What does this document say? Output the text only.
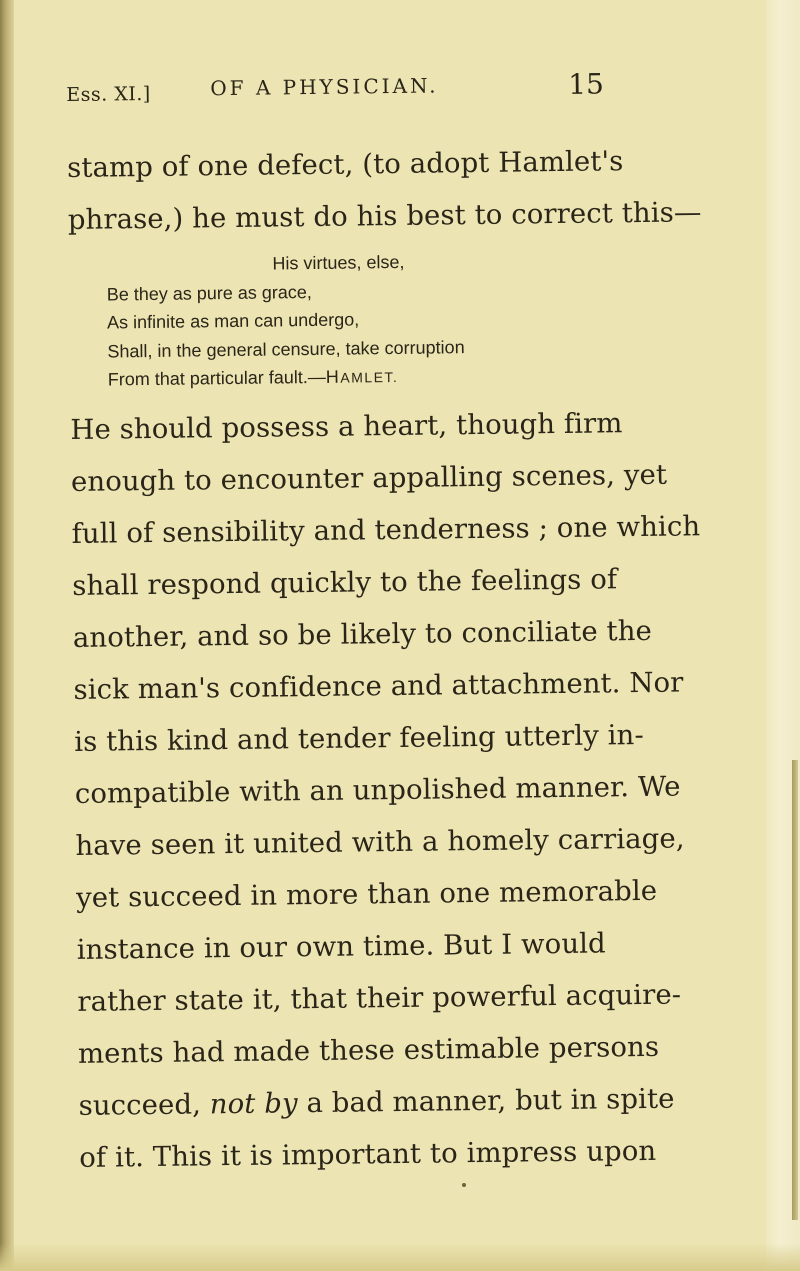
Ess. XI.]	OF A PHYSICIAN.	15
stamp of one defect, (to adopt Hamlet's
phrase,) he must do his best to correct this—
His virtues, else,
Be they as pure as grace,
As infinite as man can undergo,
Shall, in the general censure, take corruption
From that particular fault.—HAMLET.
He should possess a heart, though firm
enough to encounter appalling scenes, yet
full of sensibility and tenderness ; one which
shall respond quickly to the feelings of
another, and so be likely to conciliate the
sick man's confidence and attachment. Nor
is this kind and tender feeling utterly in-
compatible with an unpolished manner. We
have seen it united with a homely carriage,
yet succeed in more than one memorable
instance in our own time. But I would
rather state it, that their powerful acquire-
ments had made these estimable persons
succeed, not by a bad manner, but in spite
of it. This it is important to impress upon
